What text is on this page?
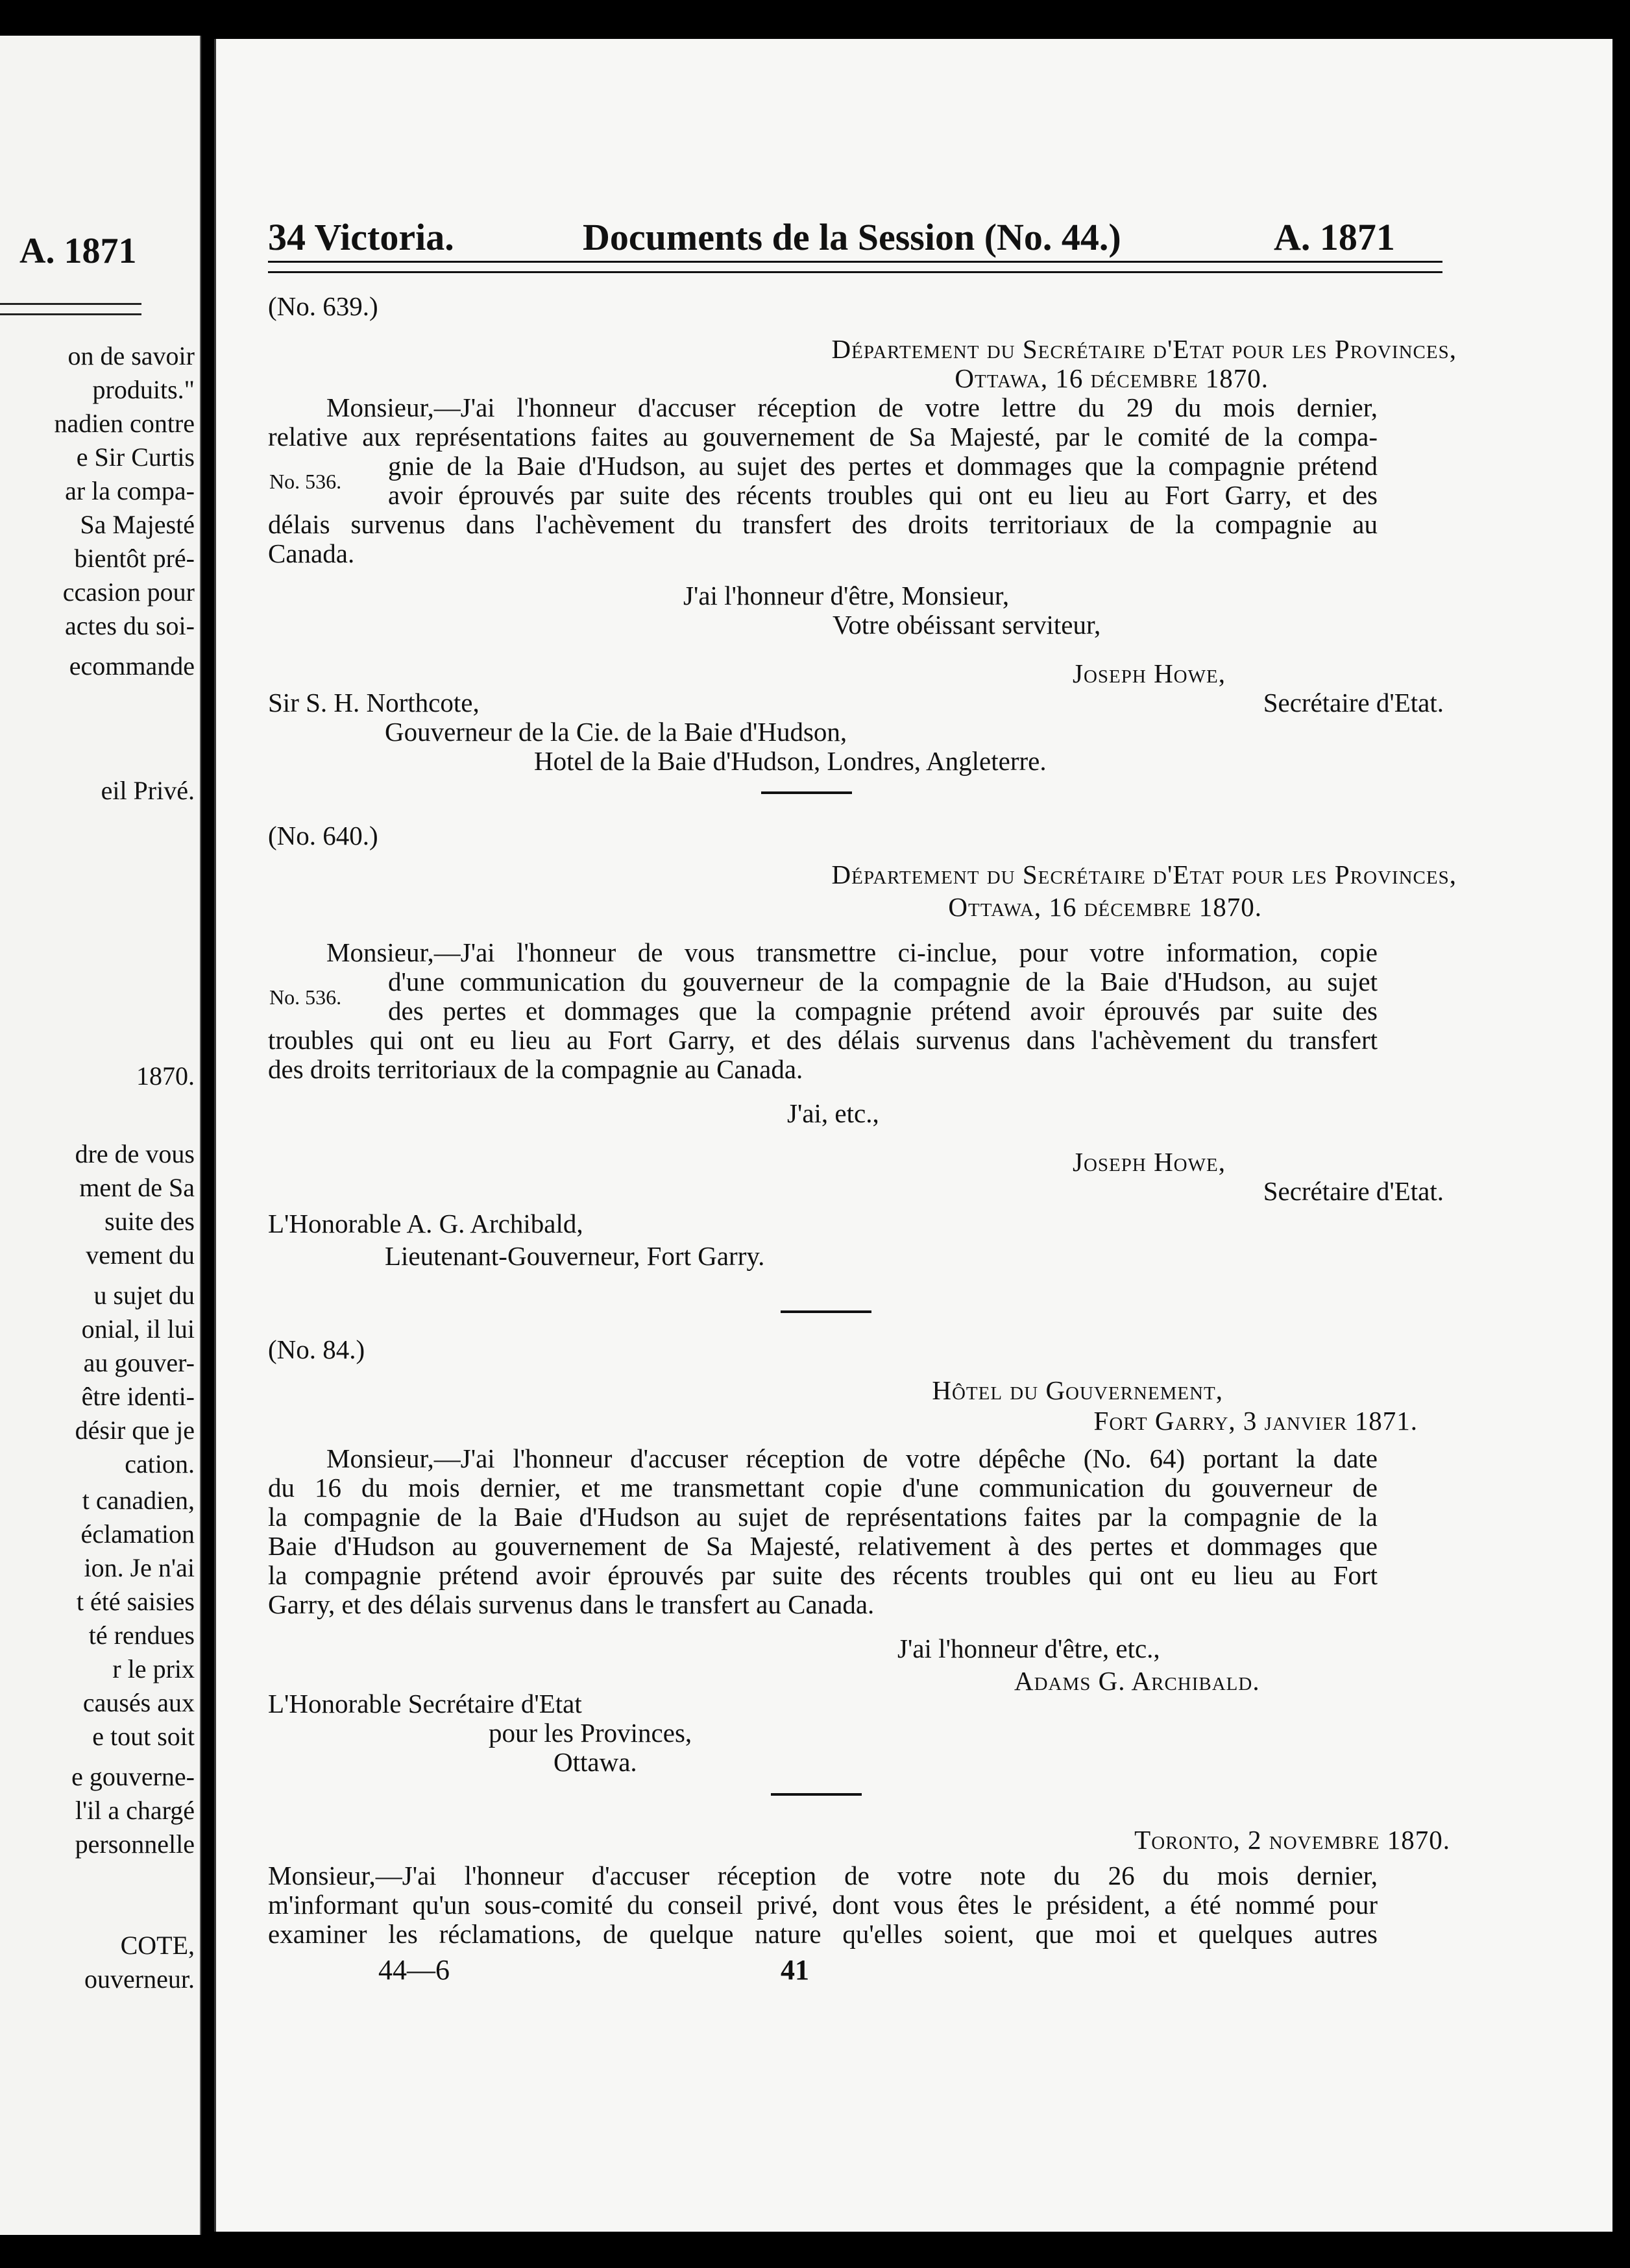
A. 1871
on de savoir
produits."
nadien contre
e Sir Curtis
ar la compa-
Sa Majesté
bientôt pré-
ccasion pour
actes du soi-
ecommande
eil Privé.
1870.
dre de vous
ment de Sa
suite des
vement du
u sujet du
onial, il lui
au gouver-
être identi-
désir que je
cation.
t canadien,
éclamation
ion. Je n'ai
t été saisies
té rendues
r le prix
causés aux
e tout soit
e gouverne-
l'il a chargé
personnelle
COTE,
ouverneur.
34 Victoria.	Documents de la Session (No. 44.)	A. 1871
(No. 639.)
Département du Secrétaire d'Etat pour les Provinces,
Ottawa, 16 décembre 1870.
Monsieur,—J'ai l'honneur d'accuser réception de votre lettre du 29 du mois dernier,
relative aux représentations faites au gouvernement de Sa Majesté, par le comité de la compa-
gnie de la Baie d'Hudson, au sujet des pertes et dommages que la compagnie prétend
No. 536. avoir éprouvés par suite des récents troubles qui ont eu lieu au Fort Garry, et des
délais survenus dans l'achèvement du transfert des droits territoriaux de la compagnie au
Canada.
J'ai l'honneur d'être, Monsieur,
Votre obéissant serviteur,
Joseph Howe,
Sir S. H. Northcote,	Secrétaire d'Etat.
Gouverneur de la Cie. de la Baie d'Hudson,
Hotel de la Baie d'Hudson, Londres, Angleterre.
(No. 640.)
Département du Secrétaire d'Etat pour les Provinces,
Ottawa, 16 décembre 1870.
Monsieur,—J'ai l'honneur de vous transmettre ci-inclue, pour votre information, copie
d'une communication du gouverneur de la compagnie de la Baie d'Hudson, au sujet
No. 536. des pertes et dommages que la compagnie prétend avoir éprouvés par suite des
troubles qui ont eu lieu au Fort Garry, et des délais survenus dans l'achèvement du transfert
des droits territoriaux de la compagnie au Canada.
J'ai, etc.,
Joseph Howe,
Secrétaire d'Etat.
L'Honorable A. G. Archibald,
Lieutenant-Gouverneur, Fort Garry.
(No. 84.)
Hôtel du Gouvernement,
Fort Garry, 3 janvier 1871.
Monsieur,—J'ai l'honneur d'accuser réception de votre dépêche (No. 64) portant la date
du 16 du mois dernier, et me transmettant copie d'une communication du gouverneur de
la compagnie de la Baie d'Hudson au sujet de représentations faites par la compagnie de la
Baie d'Hudson au gouvernement de Sa Majesté, relativement à des pertes et dommages que
la compagnie prétend avoir éprouvés par suite des récents troubles qui ont eu lieu au Fort
Garry, et des délais survenus dans le transfert au Canada.
J'ai l'honneur d'être, etc.,
Adams G. Archibald.
L'Honorable Secrétaire d'Etat
pour les Provinces,
Ottawa.
Toronto, 2 novembre 1870.
Monsieur,—J'ai l'honneur d'accuser réception de votre note du 26 du mois dernier,
m'informant qu'un sous-comité du conseil privé, dont vous êtes le président, a été nommé pour
examiner les réclamations, de quelque nature qu'elles soient, que moi et quelques autres
44—6	41
